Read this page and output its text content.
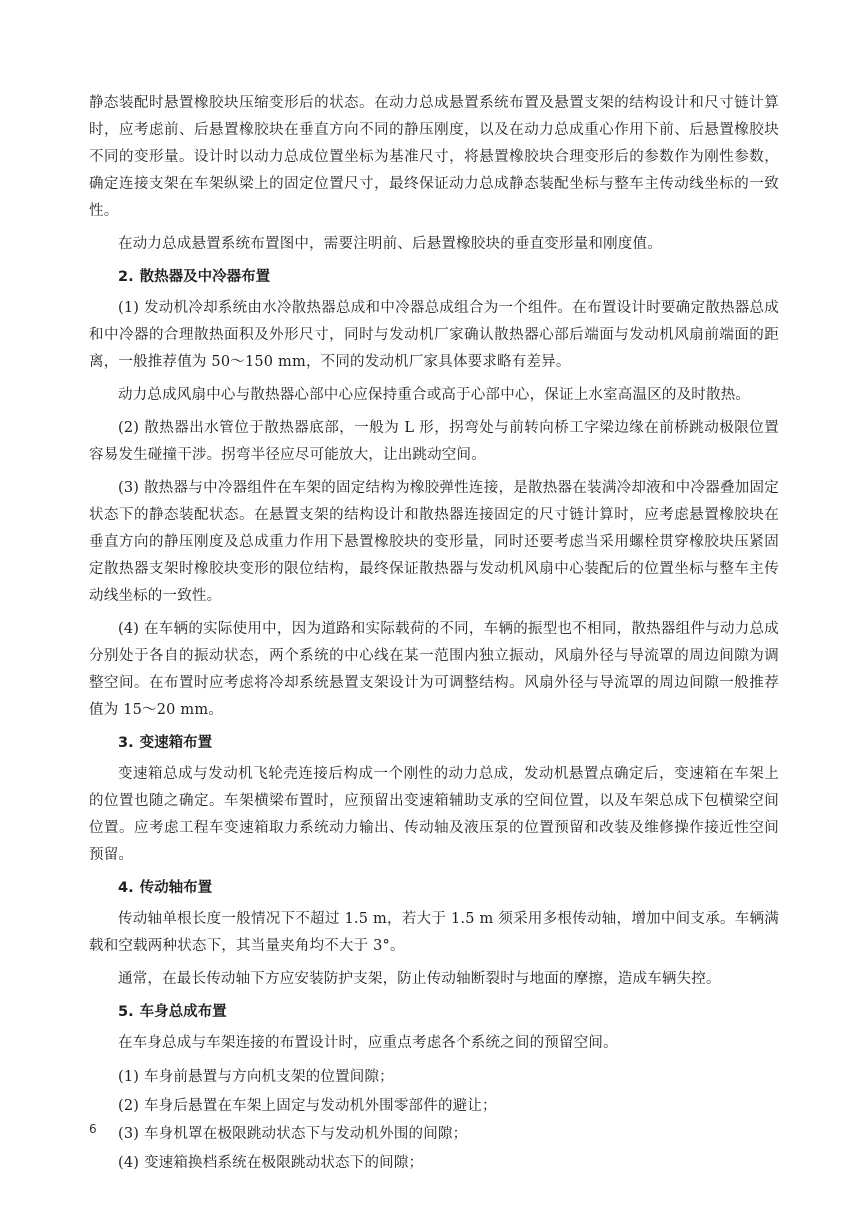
静态装配时悬置橡胶块压缩变形后的状态。在动力总成悬置系统布置及悬置支架的结构设计和尺寸链计算时，应考虑前、后悬置橡胶块在垂直方向不同的静压刚度，以及在动力总成重心作用下前、后悬置橡胶块不同的变形量。设计时以动力总成位置坐标为基准尺寸，将悬置橡胶块合理变形后的参数作为刚性参数，确定连接支架在车架纵梁上的固定位置尺寸，最终保证动力总成静态装配坐标与整车主传动线坐标的一致性。

在动力总成悬置系统布置图中，需要注明前、后悬置橡胶块的垂直变形量和刚度值。

2. 散热器及中冷器布置

(1) 发动机冷却系统由水冷散热器总成和中冷器总成组合为一个组件。在布置设计时要确定散热器总成和中冷器的合理散热面积及外形尺寸，同时与发动机厂家确认散热器心部后端面与发动机风扇前端面的距离，一般推荐值为 50～150 mm，不同的发动机厂家具体要求略有差异。

动力总成风扇中心与散热器心部中心应保持重合或高于心部中心，保证上水室高温区的及时散热。

(2) 散热器出水管位于散热器底部，一般为 L 形，拐弯处与前转向桥工字梁边缘在前桥跳动极限位置容易发生碰撞干涉。拐弯半径应尽可能放大，让出跳动空间。

(3) 散热器与中冷器组件在车架的固定结构为橡胶弹性连接，是散热器在装满冷却液和中冷器叠加固定状态下的静态装配状态。在悬置支架的结构设计和散热器连接固定的尺寸链计算时，应考虑悬置橡胶块在垂直方向的静压刚度及总成重力作用下悬置橡胶块的变形量，同时还要考虑当采用螺栓贯穿橡胶块压紧固定散热器支架时橡胶块变形的限位结构，最终保证散热器与发动机风扇中心装配后的位置坐标与整车主传动线坐标的一致性。

(4) 在车辆的实际使用中，因为道路和实际载荷的不同，车辆的振型也不相同，散热器组件与动力总成分别处于各自的振动状态，两个系统的中心线在某一范围内独立振动，风扇外径与导流罩的周边间隙为调整空间。在布置时应考虑将冷却系统悬置支架设计为可调整结构。风扇外径与导流罩的周边间隙一般推荐值为 15～20 mm。

3. 变速箱布置

变速箱总成与发动机飞轮壳连接后构成一个刚性的动力总成，发动机悬置点确定后，变速箱在车架上的位置也随之确定。车架横梁布置时，应预留出变速箱辅助支承的空间位置，以及车架总成下包横梁空间位置。应考虑工程车变速箱取力系统动力输出、传动轴及液压泵的位置预留和改装及维修操作接近性空间预留。

4. 传动轴布置

传动轴单根长度一般情况下不超过 1.5 m，若大于 1.5 m 须采用多根传动轴，增加中间支承。车辆满载和空载两种状态下，其当量夹角均不大于 3°。

通常，在最长传动轴下方应安装防护支架，防止传动轴断裂时与地面的摩擦，造成车辆失控。

5. 车身总成布置

在车身总成与车架连接的布置设计时，应重点考虑各个系统之间的预留空间。

(1) 车身前悬置与方向机支架的位置间隙；

(2) 车身后悬置在车架上固定与发动机外围零部件的避让；

(3) 车身机罩在极限跳动状态下与发动机外围的间隙；

(4) 变速箱换档系统在极限跳动状态下的间隙；

6
